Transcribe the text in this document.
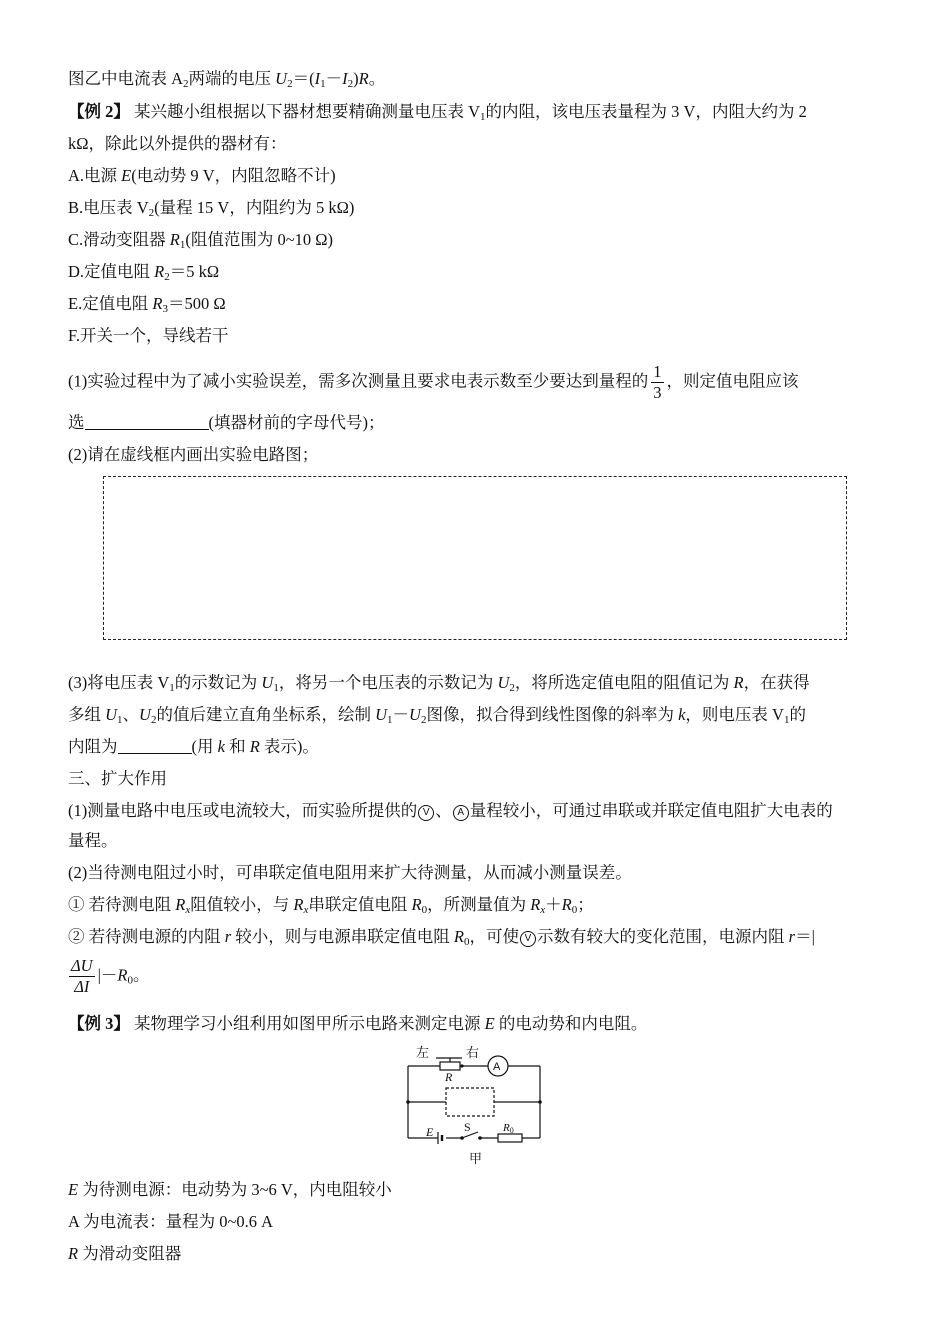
图乙中电流表 $A_2$两端的电压 $U_2=(I_1-I_2)R$。
【例 2】 某兴趣小组根据以下器材想要精确测量电压表 $V_1$的内阻，该电压表量程为 3 V，内阻大约为 2
kΩ，除此以外提供的器材有：
A.电源 E(电动势 9 V，内阻忽略不计)
B.电压表 $V_2$(量程 15 V，内阻约为 5 kΩ)
C.滑动变阻器 $R_1$(阻值范围为 0~10 Ω)
D.定值电阻 $R_2=5$ kΩ
E.定值电阻 $R_3=500$ Ω
F.开关一个，导线若干
(1)实验过程中为了减小实验误差，需多次测量且要求电表示数至少要达到量程的 $\frac{1}{3}$ ，则定值电阻应该
选	(填器材前的字母代号)；
(2)请在虚线框内画出实验电路图；
(3)将电压表 $V_1$的示数记为 $U_1$，将另一个电压表的示数记为 $U_2$，将所选定值电阻的阻值记为 R，在获得
多组 $U_1$、$U_2$的值后建立直角坐标系，绘制 $U_1-U_2$图像，拟合得到线性图像的斜率为 k，则电压表 $V_1$的
内阻为	(用 k 和 R 表示)。
三、扩大作用
(1)测量电路中电压或电流较大，而实验所提供的 V 、 A 量程较小，可通过串联或并联定值电阻扩大电表的
量程。
(2)当待测电阻过小时，可串联定值电阻用来扩大待测量，从而减小测量误差。
① 若待测电阻 $R_x$阻值较小，与 $R_x$串联定值电阻 $R_0$，所测量值为 $R_x+R_0$；
② 若待测电源的内阻 r 较小，则与电源串联定值电阻 $R_0$，可使 V 示数有较大的变化范围，电源内阻 r＝|
$\frac{\Delta U}{\Delta I} |-R_0$。
【例 3】 某物理学习小组利用如图甲所示电路来测定电源 E 的电动势和内电阻。
左	右
R
A
E	S	R0
甲
E 为待测电源：电动势为 3~6 V，内电阻较小
A 为电流表：量程为 0~0.6 A
R 为滑动变阻器
